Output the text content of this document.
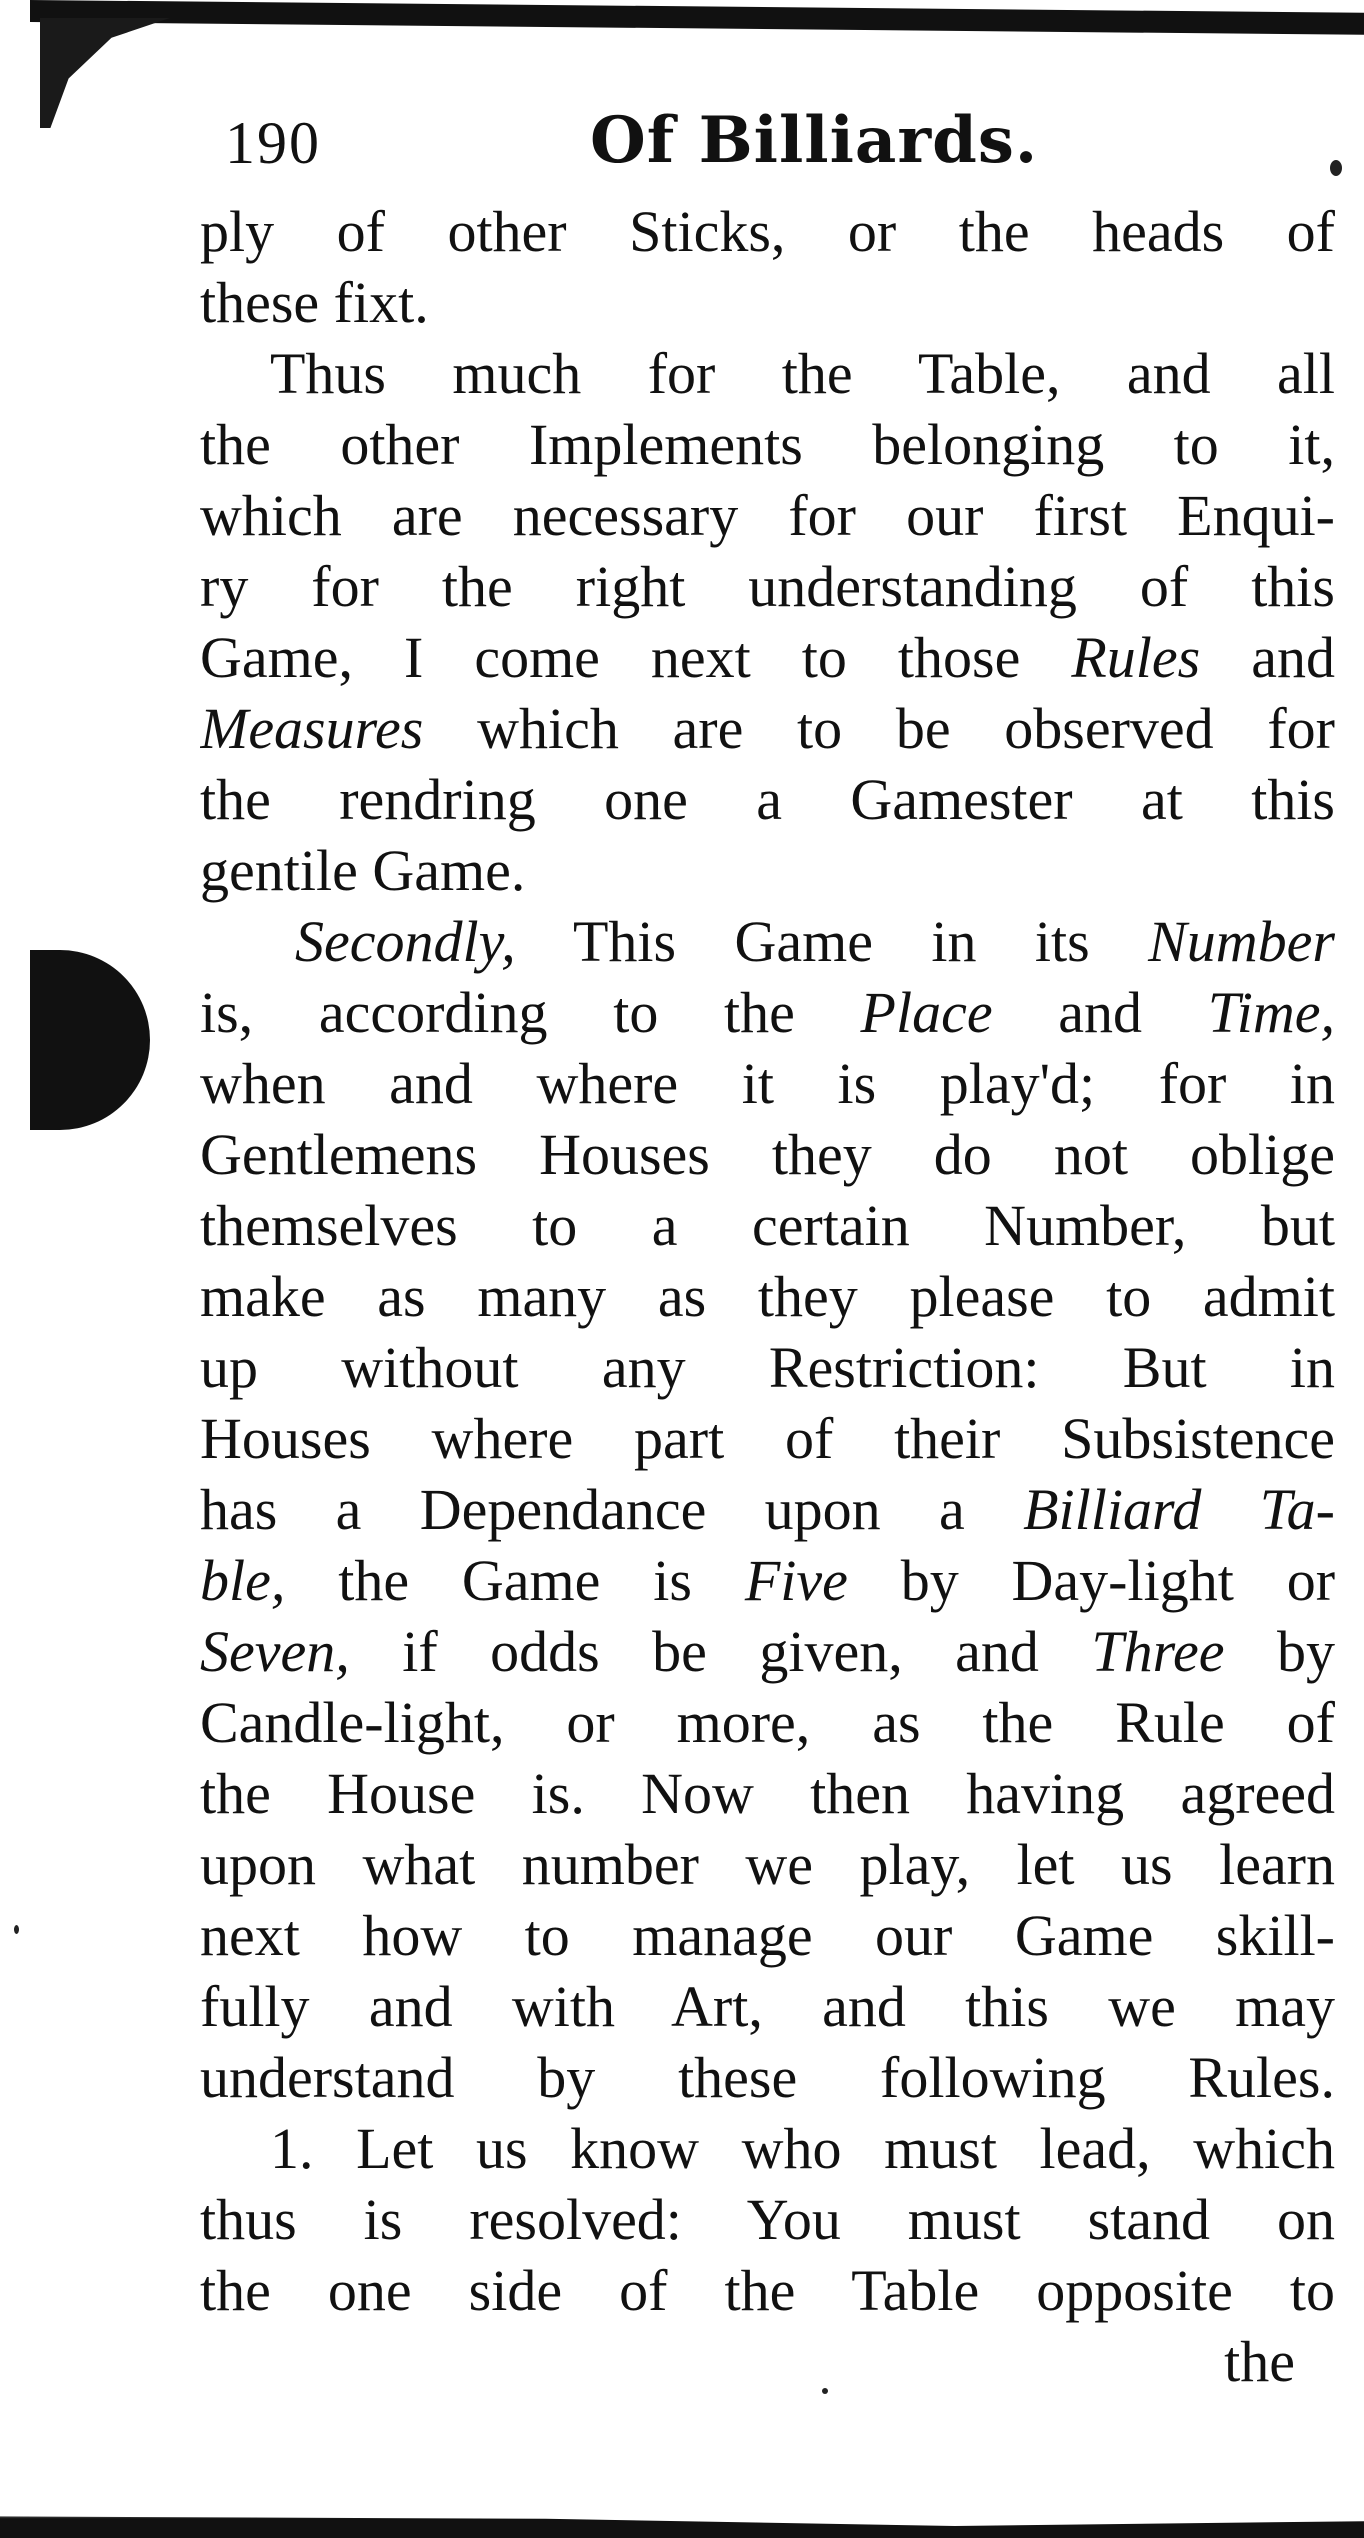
190	Of Billiards.
ply of other Sticks, or the heads of
these fixt.
Thus much for the Table, and all
the other Implements belonging to it,
which are necessary for our first Enqui-
ry for the right understanding of this
Game, I come next to those Rules and
Measures which are to be observed for
the rendring one a Gamester at this
gentile Game.
Secondly, This Game in its Number
is, according to the Place and Time,
when and where it is play'd; for in
Gentlemens Houses they do not oblige
themselves to a certain Number, but
make as many as they please to admit
up without any Restriction: But in
Houses where part of their Subsistence
has a Dependance upon a Billiard Ta-
ble, the Game is Five by Day-light or
Seven, if odds be given, and Three by
Candle-light, or more, as the Rule of
the House is. Now then having agreed
upon what number we play, let us learn
next how to manage our Game skill-
fully and with Art, and this we may
understand by these following Rules.
1. Let us know who must lead, which
thus is resolved: You must stand on
the one side of the Table opposite to
the
